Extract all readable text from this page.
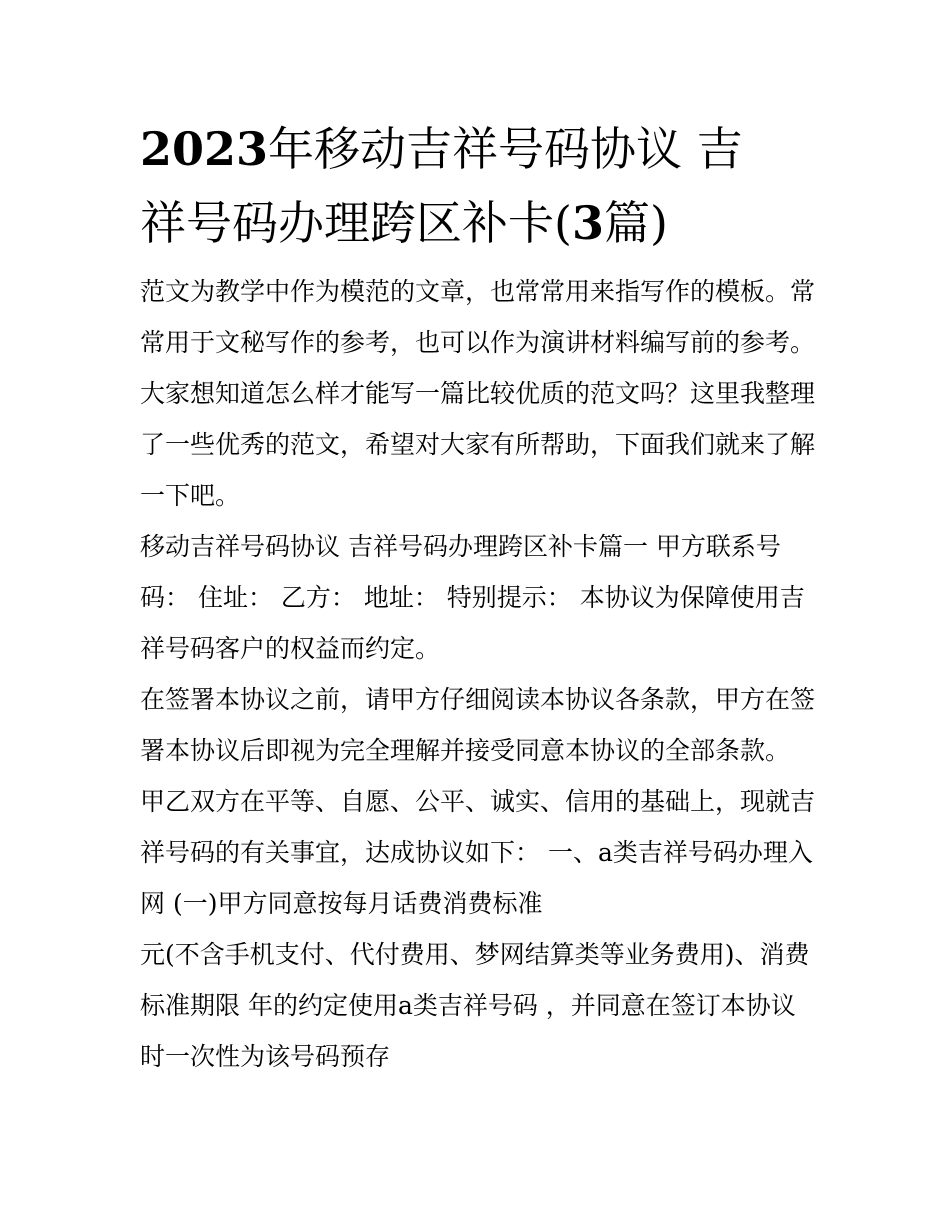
2023年移动吉祥号码协议 吉
祥号码办理跨区补卡(3篇)

范文为教学中作为模范的文章，也常常用来指写作的模板。常常用于文秘写作的参考，也可以作为演讲材料编写前的参考。大家想知道怎么样才能写一篇比较优质的范文吗？这里我整理了一些优秀的范文，希望对大家有所帮助，下面我们就来了解一下吧。

移动吉祥号码协议 吉祥号码办理跨区补卡篇一 甲方联系号码： 住址： 乙方： 地址： 特别提示： 本协议为保障使用吉祥号码客户的权益而约定。

在签署本协议之前，请甲方仔细阅读本协议各条款，甲方在签署本协议后即视为完全理解并接受同意本协议的全部条款。

甲乙双方在平等、自愿、公平、诚实、信用的基础上，现就吉祥号码的有关事宜，达成协议如下： 一、a类吉祥号码办理入网 (一)甲方同意按每月话费消费标准

元(不含手机支付、代付费用、梦网结算类等业务费用)、消费标准期限 年的约定使用a类吉祥号码 ，并同意在签订本协议时一次性为该号码预存
